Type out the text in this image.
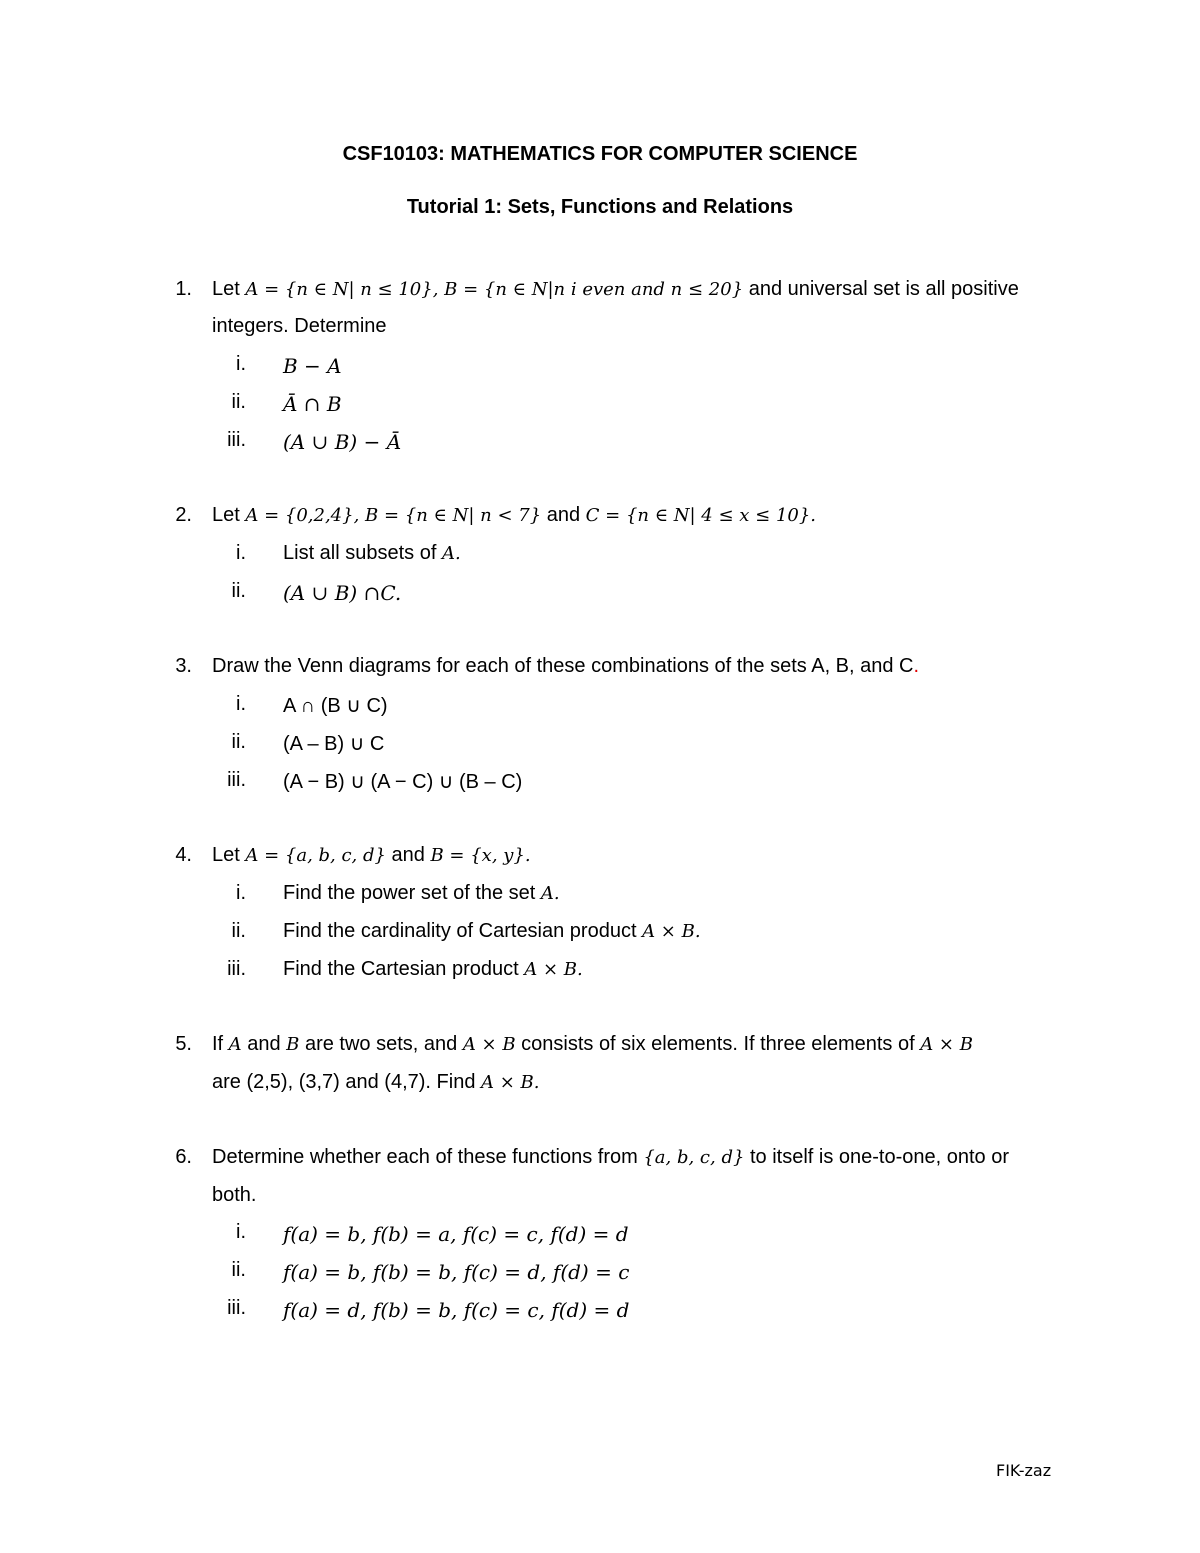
CSF10103: MATHEMATICS FOR COMPUTER SCIENCE
Tutorial 1: Sets, Functions and Relations
1. Let A = {n ∈ N| n ≤ 10}, B = {n ∈ N|n i even and n ≤ 20} and universal set is all positive
integers. Determine
i. B − A
ii. Ā ∩ B
iii. (A ∪ B) − Ā
2. Let A = {0,2,4}, B = {n ∈ N| n < 7} and C = {n ∈ N| 4 ≤ x ≤ 10}.
i. List all subsets of A.
ii. (A ∪ B) ∩C.
3. Draw the Venn diagrams for each of these combinations of the sets A, B, and C.
i. A ∩ (B ∪ C)
ii. (A – B) ∪ C
iii. (A − B) ∪ (A − C) ∪ (B – C)
4. Let A = {a, b, c, d} and B = {x, y}.
i. Find the power set of the set A.
ii. Find the cardinality of Cartesian product A × B.
iii. Find the Cartesian product A × B.
5. If A and B are two sets, and A × B consists of six elements. If three elements of A × B
are (2,5), (3,7) and (4,7). Find A × B.
6. Determine whether each of these functions from {a, b, c, d} to itself is one-to-one, onto or
both.
i. f(a) = b, f(b) = a, f(c) = c, f(d) = d
ii. f(a) = b, f(b) = b, f(c) = d, f(d) = c
iii. f(a) = d, f(b) = b, f(c) = c, f(d) = d
FIK-zaz
